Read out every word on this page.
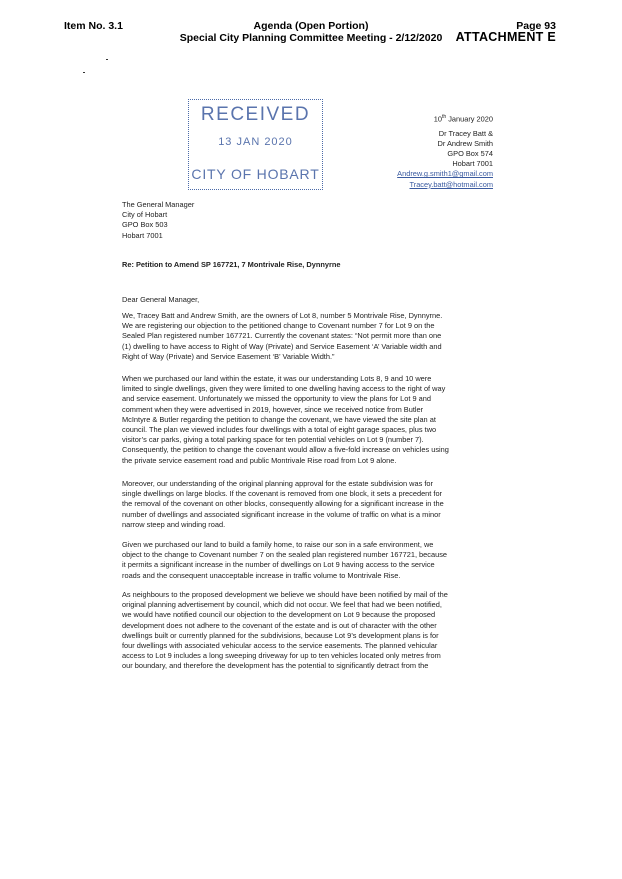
Item No. 3.1	Agenda (Open Portion)
Special City Planning Committee Meeting - 2/12/2020
Page 93
ATTACHMENT E
RECEIVED
13 JAN 2020
CITY OF HOBART
10th January 2020
Dr Tracey Batt &
Dr Andrew Smith
GPO Box 574
Hobart 7001
Andrew.g.smith1@gmail.com
Tracey.batt@hotmail.com
The General Manager
City of Hobart
GPO Box 503
Hobart 7001
Re: Petition to Amend SP 167721, 7 Montrivale Rise, Dynnyrne
Dear General Manager,
We, Tracey Batt and Andrew Smith, are the owners of Lot 8, number 5 Montrivale Rise, Dynnyrne.
We are registering our objection to the petitioned change to Covenant number 7 for Lot 9 on the
Sealed Plan registered number 167721. Currently the covenant states: “Not permit more than one
(1) dwelling to have access to Right of Way (Private) and Service Easement ‘A’ Variable width and
Right of Way (Private) and Service Easement ‘B’ Variable Width.”
When we purchased our land within the estate, it was our understanding Lots 8, 9 and 10 were
limited to single dwellings, given they were limited to one dwelling having access to the right of way
and service easement. Unfortunately we missed the opportunity to view the plans for Lot 9 and
comment when they were advertised in 2019, however, since we received notice from Butler
McIntyre & Butler regarding the petition to change the covenant, we have viewed the site plan at
council. The plan we viewed includes four dwellings with a total of eight garage spaces, plus two
visitor’s car parks, giving a total parking space for ten potential vehicles on Lot 9 (number 7).
Consequently, the petition to change the covenant would allow a five-fold increase on vehicles using
the private service easement road and public Montrivale Rise road from Lot 9 alone.
Moreover, our understanding of the original planning approval for the estate subdivision was for
single dwellings on large blocks. If the covenant is removed from one block, it sets a precedent for
the removal of the covenant on other blocks, consequently allowing for a significant increase in the
number of dwellings and associated significant increase in the volume of traffic on what is a minor
narrow steep and winding road.
Given we purchased our land to build a family home, to raise our son in a safe environment, we
object to the change to Covenant number 7 on the sealed plan registered number 167721, because
it permits a significant increase in the number of dwellings on Lot 9 having access to the service
roads and the consequent unacceptable increase in traffic volume to Montrivale Rise.
As neighbours to the proposed development we believe we should have been notified by mail of the
original planning advertisement by council, which did not occur. We feel that had we been notified,
we would have notified council our objection to the development on Lot 9 because the proposed
development does not adhere to the covenant of the estate and is out of character with the other
dwellings built or currently planned for the subdivisions, because Lot 9’s development plans is for
four dwellings with associated vehicular access to the service easements. The planned vehicular
access to Lot 9 includes a long sweeping driveway for up to ten vehicles located only metres from
our boundary, and therefore the development has the potential to significantly detract from the
